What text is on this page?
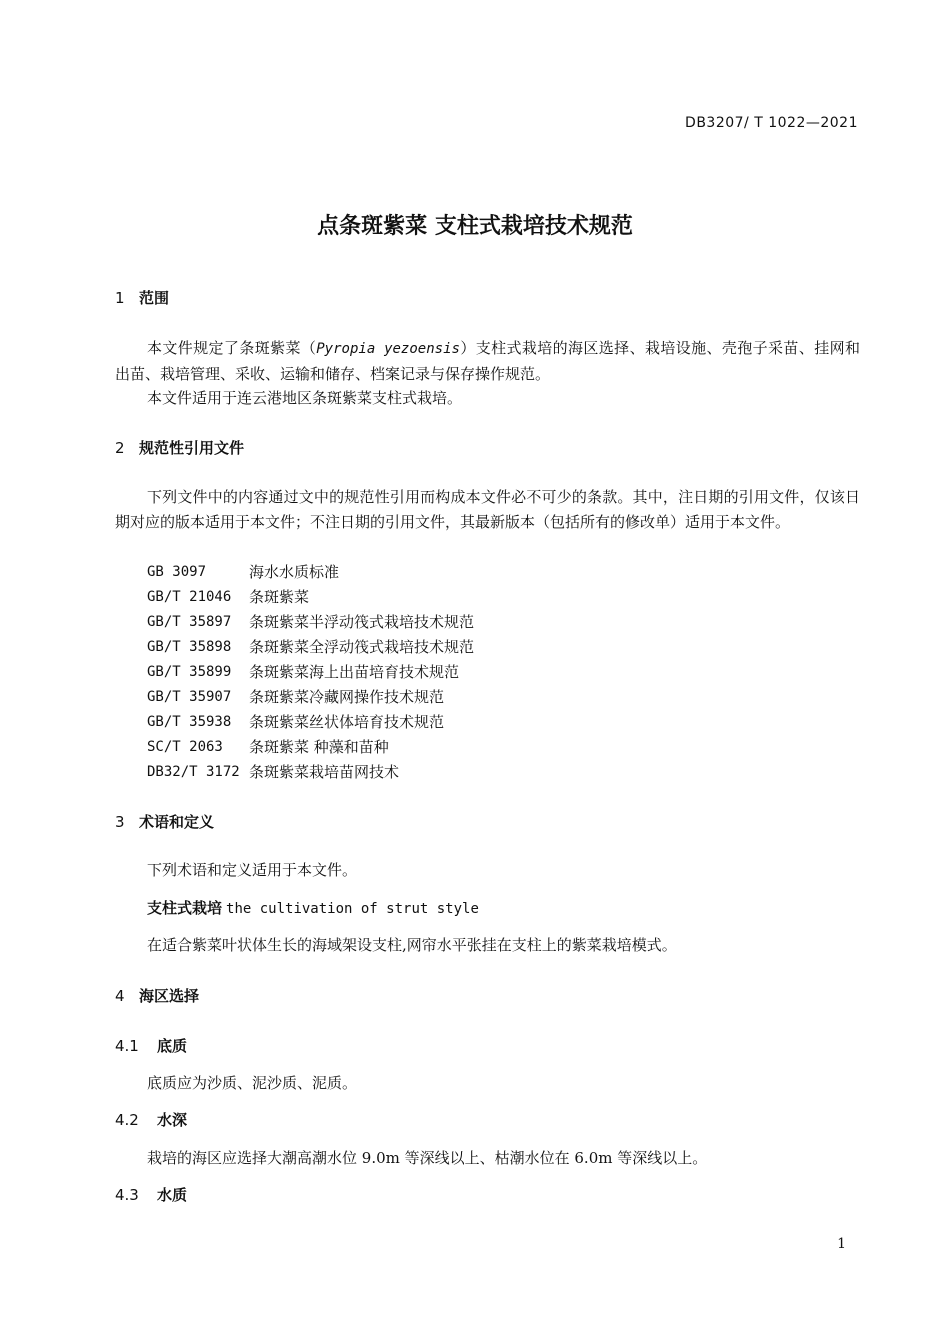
DB3207/ T 1022—2021
点条斑紫菜 支柱式栽培技术规范
1 范围
本文件规定了条斑紫菜（Pyropia yezoensis）支柱式栽培的海区选择、栽培设施、壳孢子采苗、挂网和出苗、栽培管理、采收、运输和储存、档案记录与保存操作规范。
本文件适用于连云港地区条斑紫菜支柱式栽培。
2 规范性引用文件
下列文件中的内容通过文中的规范性引用而构成本文件必不可少的条款。其中，注日期的引用文件，仅该日期对应的版本适用于本文件；不注日期的引用文件，其最新版本（包括所有的修改单）适用于本文件。
GB 3097	海水水质标准
GB/T 21046	条斑紫菜
GB/T 35897	条斑紫菜半浮动筏式栽培技术规范
GB/T 35898	条斑紫菜全浮动筏式栽培技术规范
GB/T 35899	条斑紫菜海上出苗培育技术规范
GB/T 35907	条斑紫菜冷藏网操作技术规范
GB/T 35938	条斑紫菜丝状体培育技术规范
SC/T 2063	条斑紫菜 种藻和苗种
DB32/T 3172 条斑紫菜栽培苗网技术
3 术语和定义
下列术语和定义适用于本文件。
支柱式栽培 the cultivation of strut style
在适合紫菜叶状体生长的海域架设支柱,网帘水平张挂在支柱上的紫菜栽培模式。
4 海区选择
4.1 底质
底质应为沙质、泥沙质、泥质。
4.2 水深
栽培的海区应选择大潮高潮水位 9.0m 等深线以上、枯潮水位在 6.0m 等深线以上。
4.3 水质
1
